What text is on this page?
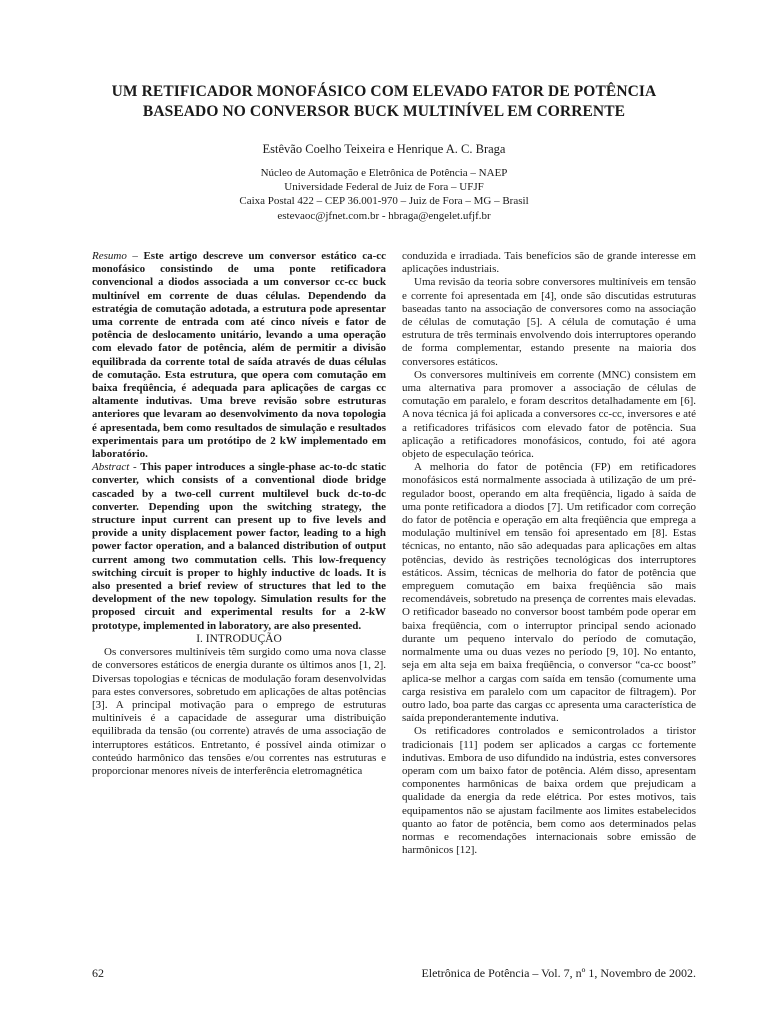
UM RETIFICADOR MONOFÁSICO COM ELEVADO FATOR DE POTÊNCIA
BASEADO NO CONVERSOR BUCK MULTINÍVEL EM CORRENTE
Estêvão Coelho Teixeira e Henrique A. C. Braga
Núcleo de Automação e Eletrônica de Potência – NAEP
Universidade Federal de Juiz de Fora – UFJF
Caixa Postal 422 – CEP 36.001-970 – Juiz de Fora – MG – Brasil
estevaoc@jfnet.com.br - hbraga@engelet.ufjf.br

Resumo – Este artigo descreve um conversor estático ca-cc monofásico consistindo de uma ponte retificadora convencional a diodos associada a um conversor cc-cc buck multinível em corrente de duas células. Dependendo da estratégia de comutação adotada, a estrutura pode apresentar uma corrente de entrada com até cinco níveis e fator de potência de deslocamento unitário, levando a uma operação com elevado fator de potência, além de permitir a divisão equilibrada da corrente total de saída através de duas células de comutação. Esta estrutura, que opera com comutação em baixa freqüência, é adequada para aplicações de cargas cc altamente indutivas. Uma breve revisão sobre estruturas anteriores que levaram ao desenvolvimento da nova topologia é apresentada, bem como resultados de simulação e resultados experimentais para um protótipo de 2 kW implementado em laboratório.

Abstract - This paper introduces a single-phase ac-to-dc static converter, which consists of a conventional diode bridge cascaded by a two-cell current multilevel buck dc-to-dc converter. Depending upon the switching strategy, the structure input current can present up to five levels and provide a unity displacement power factor, leading to a high power factor operation, and a balanced distribution of output current among two commutation cells. This low-frequency switching circuit is proper to highly inductive dc loads. It is also presented a brief review of structures that led to the development of the new topology. Simulation results for the proposed circuit and experimental results for a 2-kW prototype, implemented in laboratory, are also presented.

I. INTRODUÇÃO

Os conversores multiníveis têm surgido como uma nova classe de conversores estáticos de energia durante os últimos anos [1, 2]. Diversas topologias e técnicas de modulação foram desenvolvidas para estes conversores, sobretudo em aplicações de altas potências [3]. A principal motivação para o emprego de estruturas multiníveis é a capacidade de assegurar uma distribuição equilibrada da tensão (ou corrente) através de uma associação de interruptores estáticos. Entretanto, é possível ainda otimizar o conteúdo harmônico das tensões e/ou correntes nas estruturas e proporcionar menores níveis de interferência eletromagnética

conduzida e irradiada. Tais benefícios são de grande interesse em aplicações industriais.

Uma revisão da teoria sobre conversores multiníveis em tensão e corrente foi apresentada em [4], onde são discutidas estruturas baseadas tanto na associação de conversores como na associação de células de comutação [5]. A célula de comutação é uma estrutura de três terminais envolvendo dois interruptores operando de forma complementar, estando presente na maioria dos conversores estáticos.

Os conversores multiníveis em corrente (MNC) consistem em uma alternativa para promover a associação de células de comutação em paralelo, e foram descritos detalhadamente em [6]. A nova técnica já foi aplicada a conversores cc-cc, inversores e até a retificadores trifásicos com elevado fator de potência. Sua aplicação a retificadores monofásicos, contudo, foi até agora objeto de especulação teórica.

A melhoria do fator de potência (FP) em retificadores monofásicos está normalmente associada à utilização de um pré-regulador boost, operando em alta freqüência, ligado à saída de uma ponte retificadora a diodos [7]. Um retificador com correção do fator de potência e operação em alta freqüência que emprega a modulação multinível em tensão foi apresentado em [8]. Estas técnicas, no entanto, não são adequadas para aplicações em altas potências, devido às restrições tecnológicas dos interruptores estáticos. Assim, técnicas de melhoria do fator de potência que empreguem comutação em baixa freqüência são mais recomendáveis, sobretudo na presença de correntes mais elevadas. O retificador baseado no conversor boost também pode operar em baixa freqüência, com o interruptor principal sendo acionado durante um pequeno intervalo do período de comutação, normalmente uma ou duas vezes no período [9, 10]. No entanto, seja em alta seja em baixa freqüência, o conversor “ca-cc boost” aplica-se melhor a cargas com saída em tensão (comumente uma carga resistiva em paralelo com um capacitor de filtragem). Por outro lado, boa parte das cargas cc apresenta uma característica de saída preponderantemente indutiva.

Os retificadores controlados e semicontrolados a tiristor tradicionais [11] podem ser aplicados a cargas cc fortemente indutivas. Embora de uso difundido na indústria, estes conversores operam com um baixo fator de potência. Além disso, apresentam componentes harmônicas de baixa ordem que prejudicam a qualidade da energia da rede elétrica. Por estes motivos, tais equipamentos não se ajustam facilmente aos limites estabelecidos quanto ao fator de potência, bem como aos determinados pelas normas e recomendações internacionais sobre emissão de harmônicos [12].

62	Eletrônica de Potência – Vol. 7, nº 1, Novembro de 2002.
